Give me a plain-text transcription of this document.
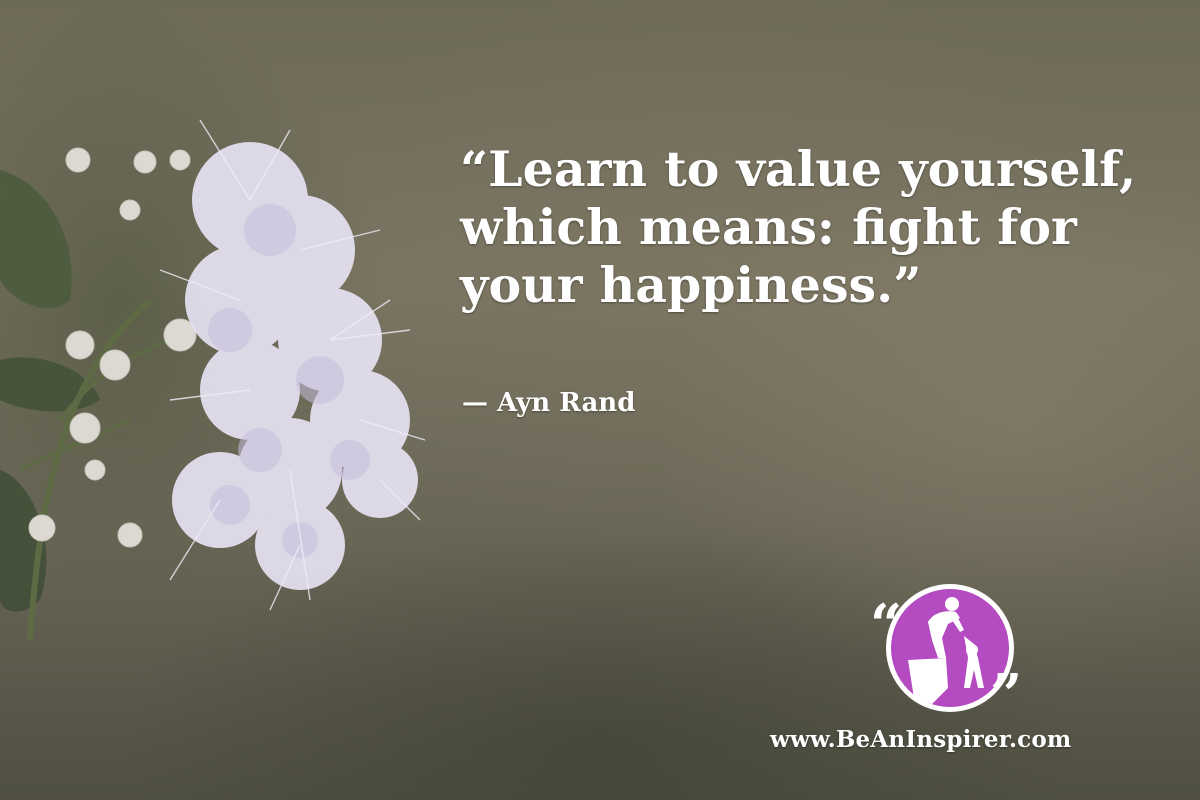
“Learn to value yourself, which means: fight for your happiness.”

— Ayn Rand

“
”

www.BeAnInspirer.com
